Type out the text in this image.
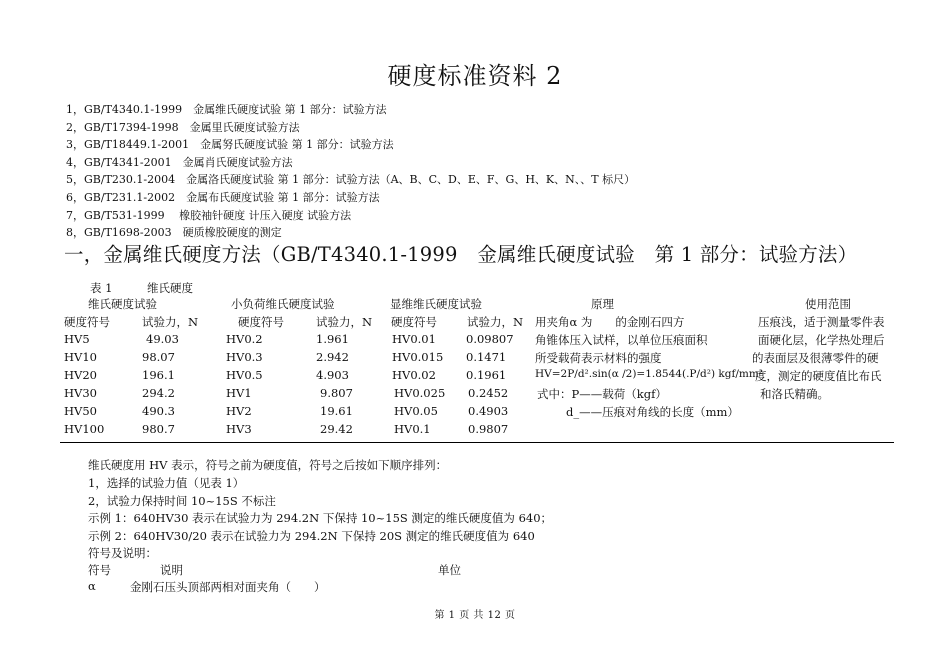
硬度标准资料 2
1，GB/T4340.1-1999　金属维氏硬度试验 第 1 部分：试验方法
2，GB/T17394-1998　金属里氏硬度试验方法
3，GB/T18449.1-2001　金属努氏硬度试验 第 1 部分：试验方法
4，GB/T4341-2001　金属肖氏硬度试验方法
5，GB/T230.1-2004　金属洛氏硬度试验 第 1 部分：试验方法（A、B、C、D、E、F、G、H、K、N、、T 标尺）
6，GB/T231.1-2002　金属布氏硬度试验 第 1 部分：试验方法
7，GB/T531-1999　 橡胶袖针硬度 计压入硬度 试验方法
8，GB/T1698-2003　硬质橡胶硬度的测定
一，金属维氏硬度方法（GB/T4340.1-1999　金属维氏硬度试验　第 1 部分：试验方法）
表 1　　　维氏硬度
维氏硬度试验	小负荷维氏硬度试验	显维维氏硬度试验	原理	使用范围
硬度符号	试验力，N	硬度符号	试验力，N 硬度符号	试验力，N
HV5	49.03	HV0.2	1.961	HV0.01	0.09807
HV10	98.07	HV0.3	2.942	HV0.015 0.1471
HV20	196.1	HV0.5	4.903	HV0.02	0.1961
HV30	294.2	HV1	9.807	HV0.025 0.2452
HV50	490.3	HV2	19.61	HV0.05	0.4903
HV100	980.7	HV3	29.42	HV0.1	0.9807
用夹角α 为　　的金刚石四方
角锥体压入试样，以单位压痕面积
所受载荷表示材料的强度
HV=2P/d².sin(α /2)=1.8544(.P/d²) kgf/mm²
式中：P——载荷（kgf）
d_——压痕对角线的长度（mm）
压痕浅，适于测量零件表
面硬化层，化学热处理后
的表面层及很薄零件的硬
度，测定的硬度值比布氏
和洛氏精确。
维氏硬度用 HV 表示，符号之前为硬度值，符号之后按如下顺序排列：
1，选择的试验力值（见表 1）
2，试验力保持时间 10~15S 不标注
示例 1：640HV30 表示在试验力为 294.2N 下保持 10~15S 测定的维氏硬度值为 640；
示例 2：640HV30/20 表示在试验力为 294.2N 下保持 20S 测定的维氏硬度值为 640
符号及说明：
符号	说明	单位
α	金刚石压头顶部两相对面夹角（　　）
第 1 页 共 12 页
